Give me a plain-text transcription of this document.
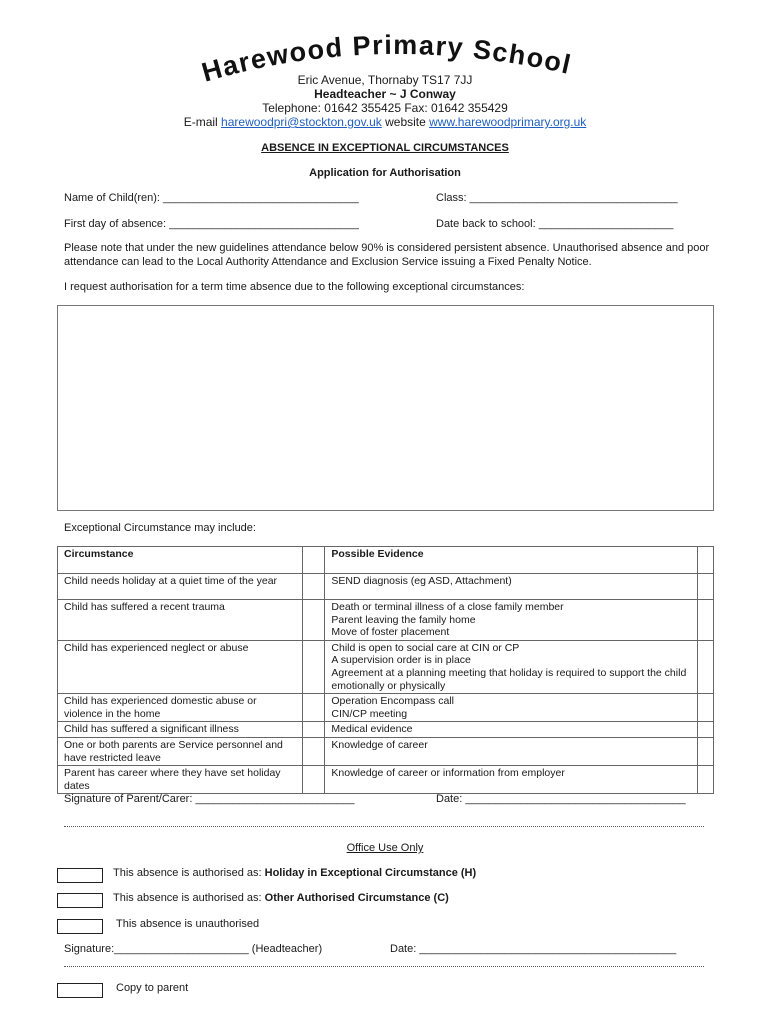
Harewood Primary School
Eric Avenue, Thornaby TS17 7JJ
Headteacher ~ J Conway
Telephone: 01642 355425 Fax: 01642 355429
E-mail harewoodpri@stockton.gov.uk website www.harewoodprimary.org.uk
ABSENCE IN EXCEPTIONAL CIRCUMSTANCES
Application for Authorisation
Name of Child(ren): ________________________________	Class: __________________________________
First day of absence: _______________________________	Date back to school: ______________________
Please note that under the new guidelines attendance below 90% is considered persistent absence. Unauthorised absence and poor attendance can lead to the Local Authority Attendance and Exclusion Service issuing a Fixed Penalty Notice.
I request authorisation for a term time absence due to the following exceptional circumstances:
Exceptional Circumstance may include:
Circumstance		Possible Evidence	
Child needs holiday at a quiet time of the year		SEND diagnosis (eg ASD, Attachment)	
Child has suffered a recent trauma		Death or terminal illness of a close family member
Parent leaving the family home
Move of foster placement	
Child has experienced neglect or abuse		Child is open to social care at CIN or CP
A supervision order is in place
Agreement at a planning meeting that holiday is required to support the child emotionally or physically	
Child has experienced domestic abuse or violence in the home		Operation Encompass call
CIN/CP meeting	
Child has suffered a significant illness		Medical evidence	
One or both parents are Service personnel and have restricted leave		Knowledge of career	
Parent has career where they have set holiday dates		Knowledge of career or information from employer	
Signature of Parent/Carer: __________________________	Date: ____________________________________
Office Use Only
This absence is authorised as: Holiday in Exceptional Circumstance (H)
This absence is authorised as: Other Authorised Circumstance (C)
This absence is unauthorised
Signature:______________________ (Headteacher)	Date: __________________________________________
Copy to parent
